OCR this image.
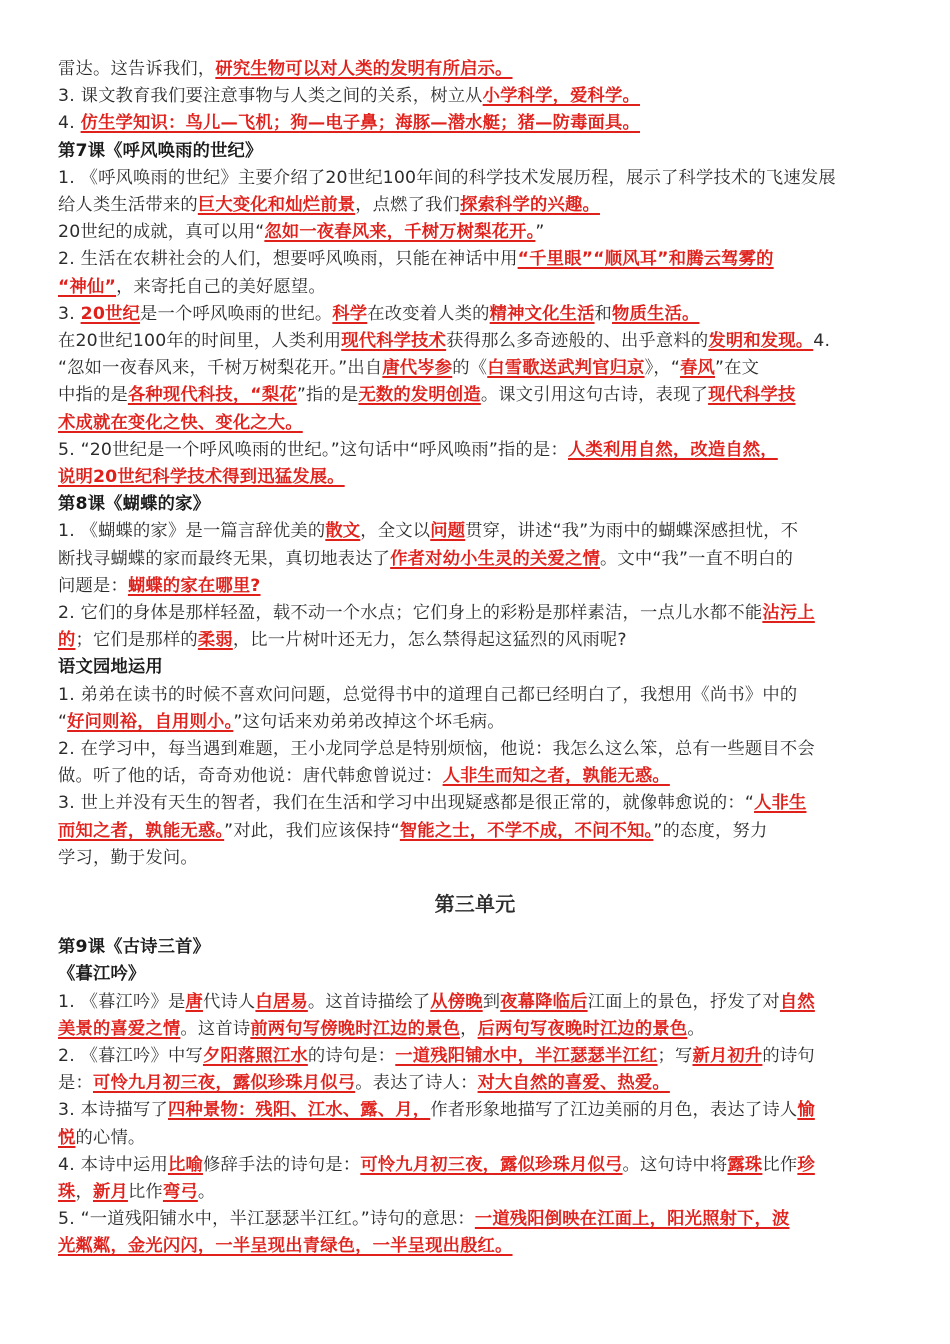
雷达。这告诉我们，研究生物可以对人类的发明有所启示。
3. 课文教育我们要注意事物与人类之间的关系，树立从小学科学，爱科学。
4. 仿生学知识：鸟儿—飞机；狗—电子鼻；海豚—潜水艇；猪—防毒面具。
第7课《呼风唤雨的世纪》
1. 《呼风唤雨的世纪》主要介绍了20世纪100年间的科学技术发展历程，展示了科学技术的飞速发展
给人类生活带来的巨大变化和灿烂前景，点燃了我们探索科学的兴趣。
20世纪的成就，真可以用“忽如一夜春风来，千树万树梨花开。”
2. 生活在农耕社会的人们，想要呼风唤雨，只能在神话中用“千里眼”“顺风耳”和腾云驾雾的
“神仙”，来寄托自己的美好愿望。
3. 20世纪是一个呼风唤雨的世纪。科学在改变着人类的精神文化生活和物质生活。
在20世纪100年的时间里，人类利用现代科学技术获得那么多奇迹般的、出乎意料的发明和发现。4.
“忽如一夜春风来，千树万树梨花开。”出自唐代岑参的《白雪歌送武判官归京》，“春风”在文
中指的是各种现代科技，“梨花”指的是无数的发明创造。课文引用这句古诗，表现了现代科学技
术成就在变化之快、变化之大。
5. “20世纪是一个呼风唤雨的世纪。”这句话中“呼风唤雨”指的是：人类利用自然，改造自然，
说明20世纪科学技术得到迅猛发展。
第8课《蝴蝶的家》
1. 《蝴蝶的家》是一篇言辞优美的散文，全文以问题贯穿，讲述“我”为雨中的蝴蝶深感担忧，不
断找寻蝴蝶的家而最终无果，真切地表达了作者对幼小生灵的关爱之情。文中“我”一直不明白的
问题是：蝴蝶的家在哪里?
2. 它们的身体是那样轻盈，载不动一个水点；它们身上的彩粉是那样素洁，一点儿水都不能沾污上
的；它们是那样的柔弱，比一片树叶还无力，怎么禁得起这猛烈的风雨呢?
语文园地运用
1. 弟弟在读书的时候不喜欢问问题，总觉得书中的道理自己都已经明白了，我想用《尚书》中的
“好问则裕，自用则小。”这句话来劝弟弟改掉这个坏毛病。
2. 在学习中，每当遇到难题，王小龙同学总是特别烦恼，他说：我怎么这么笨，总有一些题目不会
做。听了他的话，奇奇劝他说：唐代韩愈曾说过：人非生而知之者，孰能无惑。
3. 世上并没有天生的智者，我们在生活和学习中出现疑惑都是很正常的，就像韩愈说的：“人非生
而知之者，孰能无惑。”对此，我们应该保持“智能之士，不学不成，不问不知。”的态度，努力
学习，勤于发问。
第三单元
第9课《古诗三首》
《暮江吟》
1. 《暮江吟》是唐代诗人白居易。这首诗描绘了从傍晚到夜幕降临后江面上的景色，抒发了对自然
美景的喜爱之情。这首诗前两句写傍晚时江边的景色，后两句写夜晚时江边的景色。
2. 《暮江吟》中写夕阳落照江水的诗句是：一道残阳铺水中，半江瑟瑟半江红；写新月初升的诗句
是：可怜九月初三夜，露似珍珠月似弓。表达了诗人：对大自然的喜爱、热爱。
3. 本诗描写了四种景物：残阳、江水、露、月，作者形象地描写了江边美丽的月色，表达了诗人愉
悦的心情。
4. 本诗中运用比喻修辞手法的诗句是：可怜九月初三夜，露似珍珠月似弓。这句诗中将露珠比作珍
珠，新月比作弯弓。
5. “一道残阳铺水中，半江瑟瑟半江红。”诗句的意思：一道残阳倒映在江面上，阳光照射下，波
光粼粼，金光闪闪，一半呈现出青绿色，一半呈现出殷红。
